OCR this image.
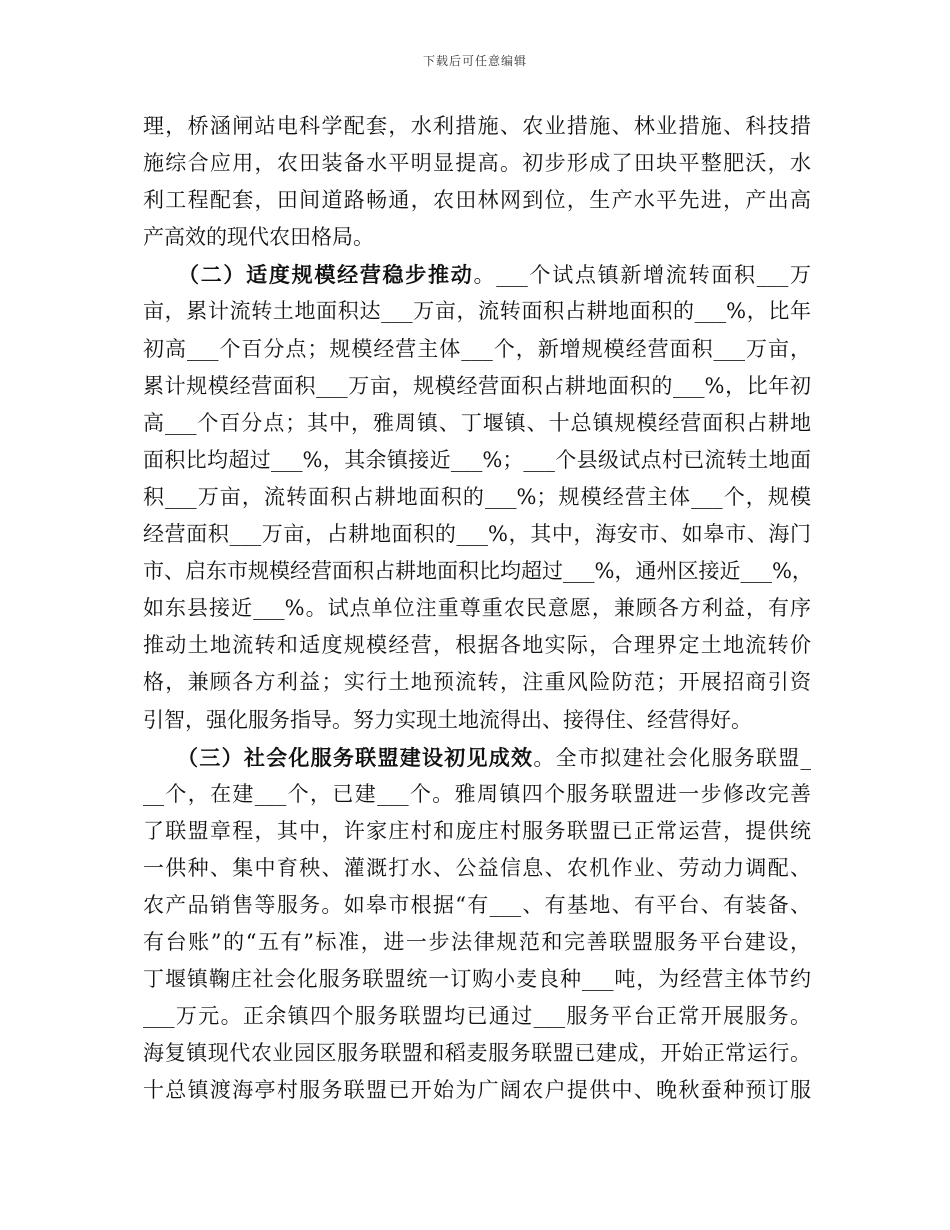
下载后可任意编辑
理，桥涵闸站电科学配套，水利措施、农业措施、林业措施、科技措
施综合应用，农田装备水平明显提高。初步形成了田块平整肥沃，水
利工程配套，田间道路畅通，农田林网到位，生产水平先进，产出高
产高效的现代农田格局。
　　（二）适度规模经营稳步推动。___个试点镇新增流转面积___万
亩，累计流转土地面积达___万亩，流转面积占耕地面积的___%，比年
初高___个百分点；规模经营主体___个，新增规模经营面积___万亩，
累计规模经营面积___万亩，规模经营面积占耕地面积的___%，比年初
高___个百分点；其中，雅周镇、丁堰镇、十总镇规模经营面积占耕地
面积比均超过___%，其余镇接近___%；___个县级试点村已流转土地面
积___万亩，流转面积占耕地面积的___%；规模经营主体___个，规模
经营面积___万亩，占耕地面积的___%，其中，海安市、如皋市、海门
市、启东市规模经营面积占耕地面积比均超过___%，通州区接近___%，
如东县接近___%。试点单位注重尊重农民意愿，兼顾各方利益，有序
推动土地流转和适度规模经营，根据各地实际，合理界定土地流转价
格，兼顾各方利益；实行土地预流转，注重风险防范；开展招商引资
引智，强化服务指导。努力实现土地流得出、接得住、经营得好。
　　（三）社会化服务联盟建设初见成效。全市拟建社会化服务联盟_
__个，在建___个，已建___个。雅周镇四个服务联盟进一步修改完善
了联盟章程，其中，许家庄村和庞庄村服务联盟已正常运营，提供统
一供种、集中育秧、灌溉打水、公益信息、农机作业、劳动力调配、
农产品销售等服务。如皋市根据“有___、有基地、有平台、有装备、
有台账”的“五有”标准，进一步法律规范和完善联盟服务平台建设，
丁堰镇鞠庄社会化服务联盟统一订购小麦良种___吨，为经营主体节约
___万元。正余镇四个服务联盟均已通过___服务平台正常开展服务。
海复镇现代农业园区服务联盟和稻麦服务联盟已建成，开始正常运行。
十总镇渡海亭村服务联盟已开始为广阔农户提供中、晚秋蚕种预订服
